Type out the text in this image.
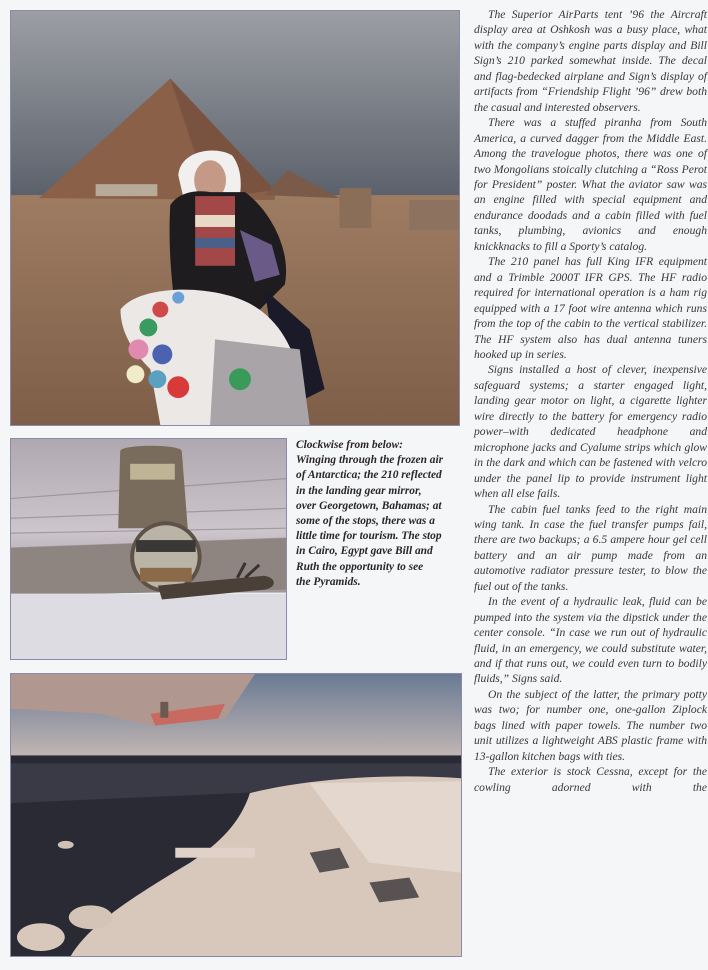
Clockwise from below:
Winging through the frozen air
of Antarctica; the 210 reflected
in the landing gear mirror,
over Georgetown, Bahamas; at
some of the stops, there was a
little time for tourism. The stop
in Cairo, Egypt gave Bill and
Ruth the opportunity to see
the Pyramids.

The Superior AirParts tent ’96 the Aircraft display area at Oshkosh was a busy place, what with the company’s engine parts display and Bill Sign’s 210 parked somewhat inside. The decal and flag-bedecked airplane and Sign’s display of artifacts from “Friendship Flight ’96” drew both the casual and interested observers.

There was a stuffed piranha from South America, a curved dagger from the Middle East. Among the travelogue photos, there was one of two Mongolians stoically clutching a “Ross Perot for President” poster. What the aviator saw was an engine filled with special equipment and endurance doodads and a cabin filled with fuel tanks, plumbing, avionics and enough knickknacks to fill a Sporty’s catalog.

The 210 panel has full King IFR equipment and a Trimble 2000T IFR GPS. The HF radio required for international operation is a ham rig equipped with a 17 foot wire antenna which runs from the top of the cabin to the vertical stabilizer. The HF system also has dual antenna tuners hooked up in series.

Signs installed a host of clever, inexpensive safeguard systems; a starter engaged light, landing gear motor on light, a cigarette lighter wire directly to the battery for emergency radio power–with dedicated headphone and microphone jacks and Cyalume strips which glow in the dark and which can be fastened with velcro under the panel lip to provide instrument light when all else fails.

The cabin fuel tanks feed to the right main wing tank. In case the fuel transfer pumps fail, there are two backups; a 6.5 ampere hour gel cell battery and an air pump made from an automotive radiator pressure tester, to blow the fuel out of the tanks.

In the event of a hydraulic leak, fluid can be pumped into the system via the dipstick under the center console. “In case we run out of hydraulic fluid, in an emergency, we could substitute water, and if that runs out, we could even turn to bodily fluids,” Signs said.

On the subject of the latter, the primary potty was two; for number one, one-gallon Ziplock bags lined with paper towels. The number two unit utilizes a lightweight ABS plastic frame with 13-gallon kitchen bags with ties.

The exterior is stock Cessna, except for the cowling adorned with the
